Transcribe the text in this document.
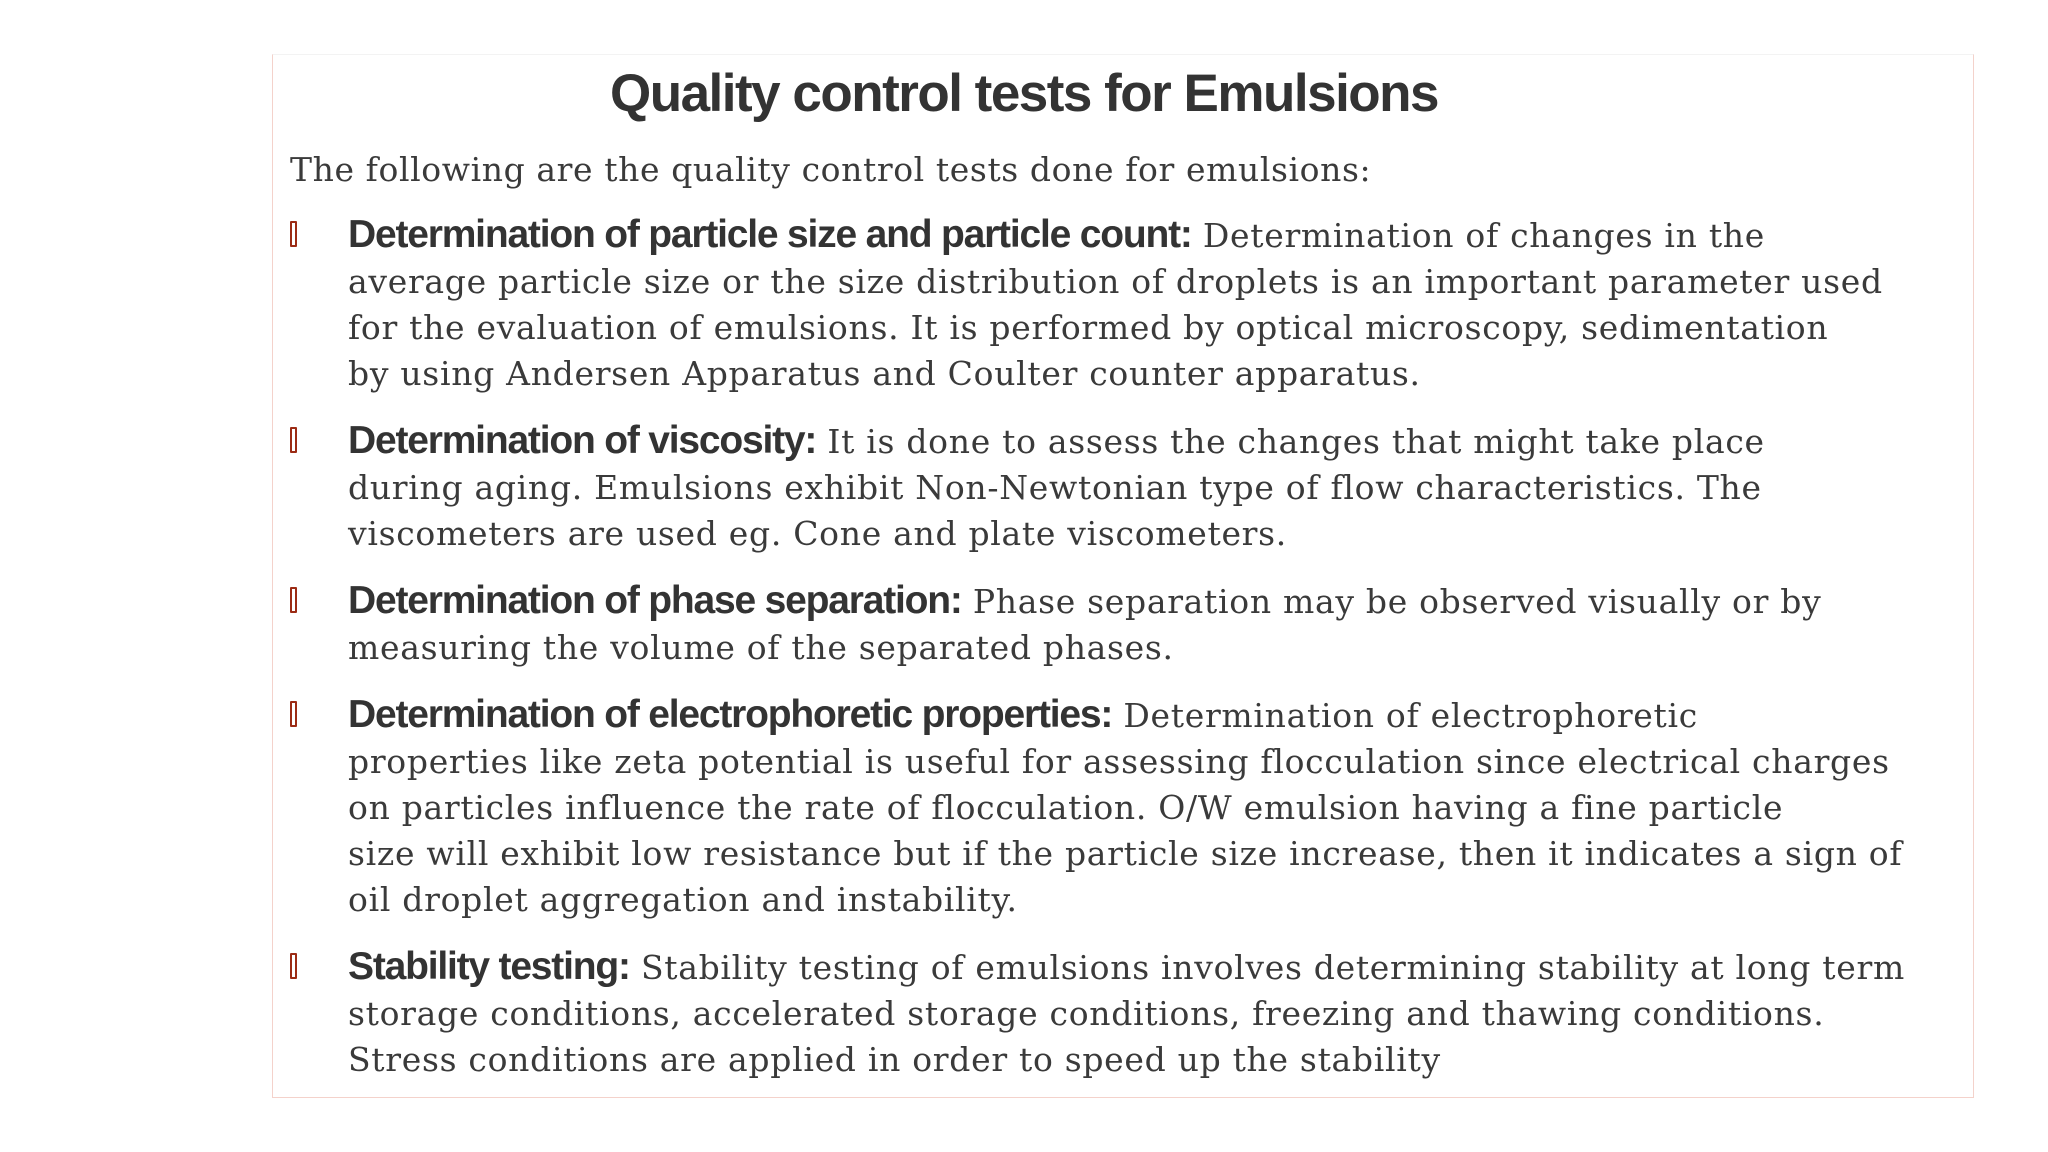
Quality control tests for Emulsions

The following are the quality control tests done for emulsions:

Determination of particle size and particle count: Determination of changes in the
average particle size or the size distribution of droplets is an important parameter used
for the evaluation of emulsions. It is performed by optical microscopy, sedimentation
by using Andersen Apparatus and Coulter counter apparatus.
Determination of viscosity: It is done to assess the changes that might take place
during aging. Emulsions exhibit Non-Newtonian type of flow characteristics. The
viscometers are used eg. Cone and plate viscometers.
Determination of phase separation: Phase separation may be observed visually or by
measuring the volume of the separated phases.
Determination of electrophoretic properties: Determination of electrophoretic
properties like zeta potential is useful for assessing flocculation since electrical charges
on particles influence the rate of flocculation. O/W emulsion having a fine particle
size will exhibit low resistance but if the particle size increase, then it indicates a sign of
oil droplet aggregation and instability.
Stability testing: Stability testing of emulsions involves determining stability at long term
storage conditions, accelerated storage conditions, freezing and thawing conditions.
Stress conditions are applied in order to speed up the stability
